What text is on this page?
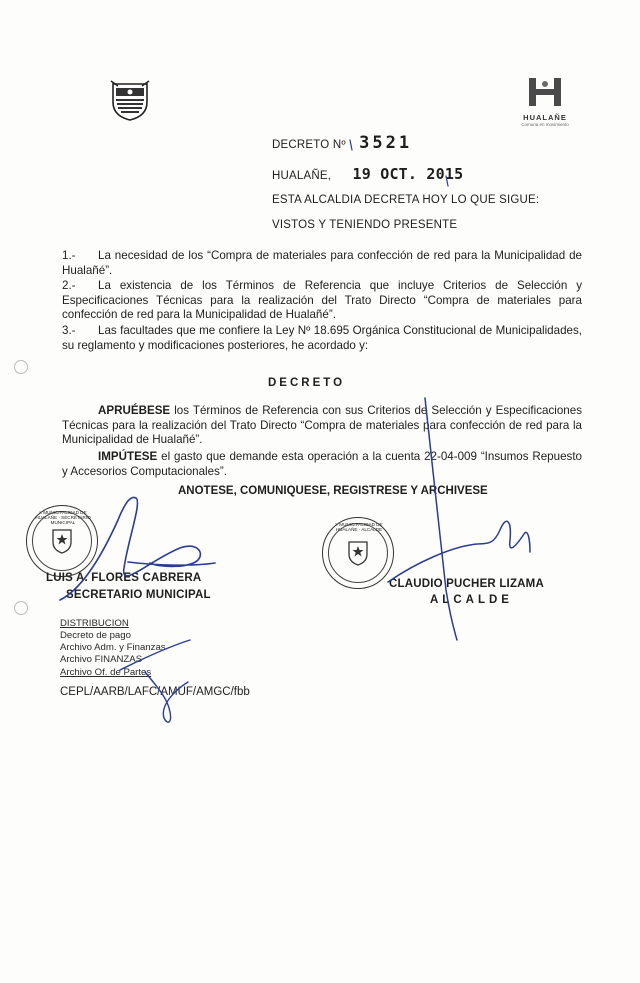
HUALAÑE
Comuna en movimiento
DECRETO Nº 3521
HUALAÑE, 19 OCT. 2015
ESTA ALCALDIA DECRETA HOY LO QUE SIGUE:
VISTOS Y TENIENDO PRESENTE
1.-	La necesidad de los “Compra de materiales para confección de red para la Municipalidad de Hualañé”.
2.-	La existencia de los Términos de Referencia que incluye Criterios de Selección y Especificaciones Técnicas para la realización del Trato Directo “Compra de materiales para confección de red para la Municipalidad de Hualañé”.
3.-	Las facultades que me confiere la Ley Nº 18.695 Orgánica Constitucional de Municipalidades, su reglamento y modificaciones posteriores, he acordado y:
DECRETO
APRUÉBESE los Términos de Referencia con sus Criterios de Selección y Especificaciones Técnicas para la realización del Trato Directo “Compra de materiales para confección de red para la Municipalidad de Hualañé”.
IMPÚTESE el gasto que demande esta operación a la cuenta 22-04-009 “Insumos Repuesto y Accesorios Computacionales”.
ANOTESE, COMUNIQUESE, REGISTRESE Y ARCHIVESE
I. MUNICIPALIDAD DE HUALAÑE · SECRETARIO MUNICIPAL	I. MUNICIPALIDAD DE HUALAÑE · ALCALDE
LUIS A. FLORES CABRERA
SECRETARIO MUNICIPAL
CLAUDIO PUCHER LIZAMA
ALCALDE
DISTRIBUCION
Decreto de pago
Archivo Adm. y Finanzas
Archivo FINANZAS
Archivo Of. de Partes
CEPL/AARB/LAFC/AMUF/AMGC/fbb
